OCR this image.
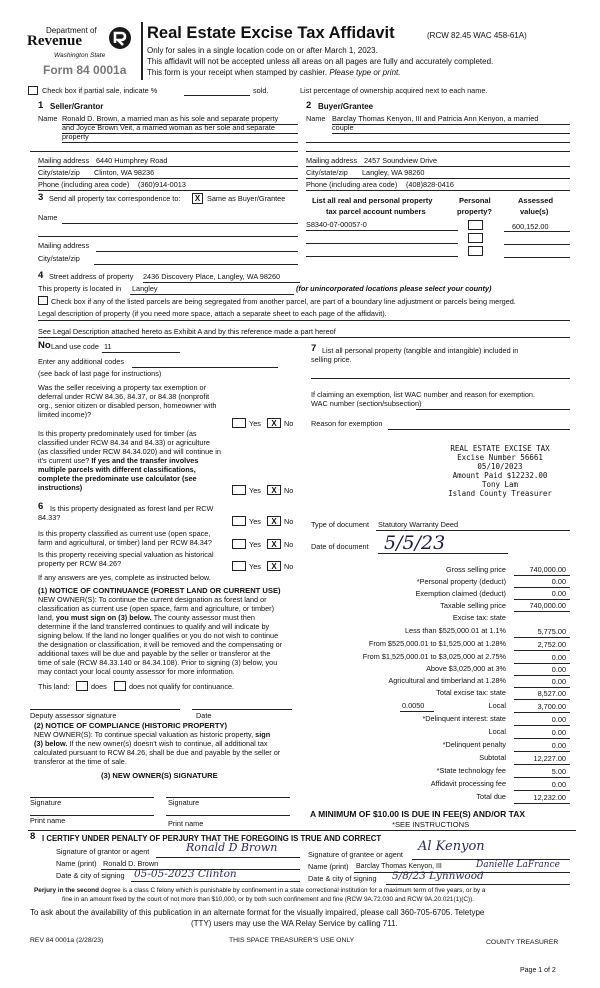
Department of
Revenue
Washington State
Form 84 0001a
Real Estate Excise Tax Affidavit	(RCW 82.45 WAC 458-61A)
Only for sales in a single location code on or after March 1, 2023.
This affidavit will not be accepted unless all areas on all pages are fully and accurately completed.
This form is your receipt when stamped by cashier. Please type or print.
Check box if partial sale, indicate %	sold.	List percentage of ownership acquired next to each name.
1 Seller/Grantor
Name Ronald D. Brown, a married man as his sole and separate property
and Joyce Brown Veit, a married woman as her sole and separate
property
Mailing address 6440 Humphrey Road
City/state/zip Clinton, WA 98236
Phone (including area code) (360)914-0013
2 Buyer/Grantee
Name Barclay Thomas Kenyon, III and Patricia Ann Kenyon, a married
couple
Mailing address 2457 Soundview Drive
City/state/zip Langley, WA 98260
Phone (including area code) (408)828-0416
3 Send all property tax correspondence to:	X Same as Buyer/Grantee
Name
Mailing address
City/state/zip
List all real and personal property
tax parcel account numbers
Personal
property?
Assessed
value(s)
S8340-07-00057-0	600,152.00
4 Street address of property 2436 Discovery Place, Langley, WA 98260
This property is located in Langley	(for unincorporated locations please select your county)
Check box if any of the listed parcels are being segregated from another parcel, are part of a boundary line adjustment or parcels being merged.
Legal description of property (if you need more space, attach a separate sheet to each page of the affidavit).
See Legal Description attached hereto as Exhibit A and by this reference made a part hereof
No Land use code 11
Enter any additional codes
(see back of last page for instructions)
Was the seller receiving a property tax exemption or
deferral under RCW 84.36, 84.37, or 84.38 (nonprofit
org., senior citizen or disabled person, homeowner with
limited income)?
Yes	X	No
Is this property predominately used for timber (as
classified under RCW 84.34 and 84.33) or agriculture
(as classified under RCW 84.34.020) and will continue in
it's current use? If yes and the transfer involves
multiple parcels with different classifications,
complete the predominate use calculator (see
instructions)	Yes	X	No
6 Is this property designated as forest land per RCW
84.33?	Yes	X	No
Is this property classified as current use (open space,
farm and agricultural, or timber) land per RCW 84.34?	Yes	X	No
Is this property receiving special valuation as historical
property per RCW 84.26?	Yes	X	No
If any answers are yes, complete as instructed below.
(1) NOTICE OF CONTINUANCE (FOREST LAND OR CURRENT USE)
NEW OWNER(S): To continue the current designation as forest land or
classification as current use (open space, farm and agriculture, or timber)
land, you must sign on (3) below. The county assessor must then
determine if the land transferred continues to qualify and will indicate by
signing below. If the land no longer qualifies or you do not wish to continue
the designation or classification, it will be removed and the compensating or
additional taxes will be due and payable by the seller or transferor at the
time of sale (RCW 84.33.140 or 84.34.108). Prior to signing (3) below, you
may contact your local county assessor for more information.
This land:	does	does not qualify for continuance.
Deputy assessor signature	Date
(2) NOTICE OF COMPLIANCE (HISTORIC PROPERTY)
NEW OWNER(S): To continue special valuation as historic property, sign
(3) below. If the new owner(s) doesn't wish to continue, all additional tax
calculated pursuant to RCW 84.26, shall be due and payable by the seller or
transferor at the time of sale.
(3) NEW OWNER(S) SIGNATURE
Signature	Signature
Print name	Print name
7 List all personal property (tangible and intangible) included in
selling price.
If claiming an exemption, list WAC number and reason for exemption.
WAC number (section/subsection)
Reason for exemption
REAL ESTATE EXCISE TAX
Excise Number 56661
05/10/2023
Amount Paid $12232.00
Tony Lam
Island County Treasurer
Type of document Statutory Warranty Deed
Date of document 5/5/23
Gross selling price	740,000.00
*Personal property (deduct)	0.00
Exemption claimed (deduct)	0.00
Taxable selling price	740,000.00
Excise tax: state
Less than $525,000.01 at 1.1%	5,775.00
From $525,000.01 to $1,525,000 at 1.28%	2,752.00
From $1,525,000.01 to $3,025,000 at 2.75%	0.00
Above $3,025,000 at 3%	0.00
Agricultural and timberland at 1.28%	0.00
Total excise tax: state	8,527.00
0.0050	Local	3,700.00
*Delinquent interest: state	0.00
Local	0.00
*Delinquent penalty	0.00
Subtotal	12,227.00
*State technology fee	5.00
Affidavit processing fee	0.00
Total due	12,232.00
A MINIMUM OF $10.00 IS DUE IN FEE(S) AND/OR TAX
*SEE INSTRUCTIONS
8 I CERTIFY UNDER PENALTY OF PERJURY THAT THE FOREGOING IS TRUE AND CORRECT
Signature of grantor or agent	Ronald D Brown
Name (print) Ronald D. Brown
Date & city of signing 05-05-2023 Clinton
Signature of grantee or agent
Al Kenyon
Name (print) Barclay Thomas Kenyon, III	Danielle LaFrance
Date & city of signing 5/8/23 Lynnwood
Perjury in the second degree is a class C felony which is punishable by confinement in a state correctional institution for a maximum term of five years, or by a
fine in an amount fixed by the court of not more than $10,000, or by both such confinement and fine (RCW 9A.72.030 and RCW 9A.20.021(1)(C)).
To ask about the availability of this publication in an alternate format for the visually impaired, please call 360-705-6705. Teletype
(TTY) users may use the WA Relay Service by calling 711.
REV 84 0001a (2/28/23)	THIS SPACE TREASURER'S USE ONLY	COUNTY TREASURER
Page 1 of 2
